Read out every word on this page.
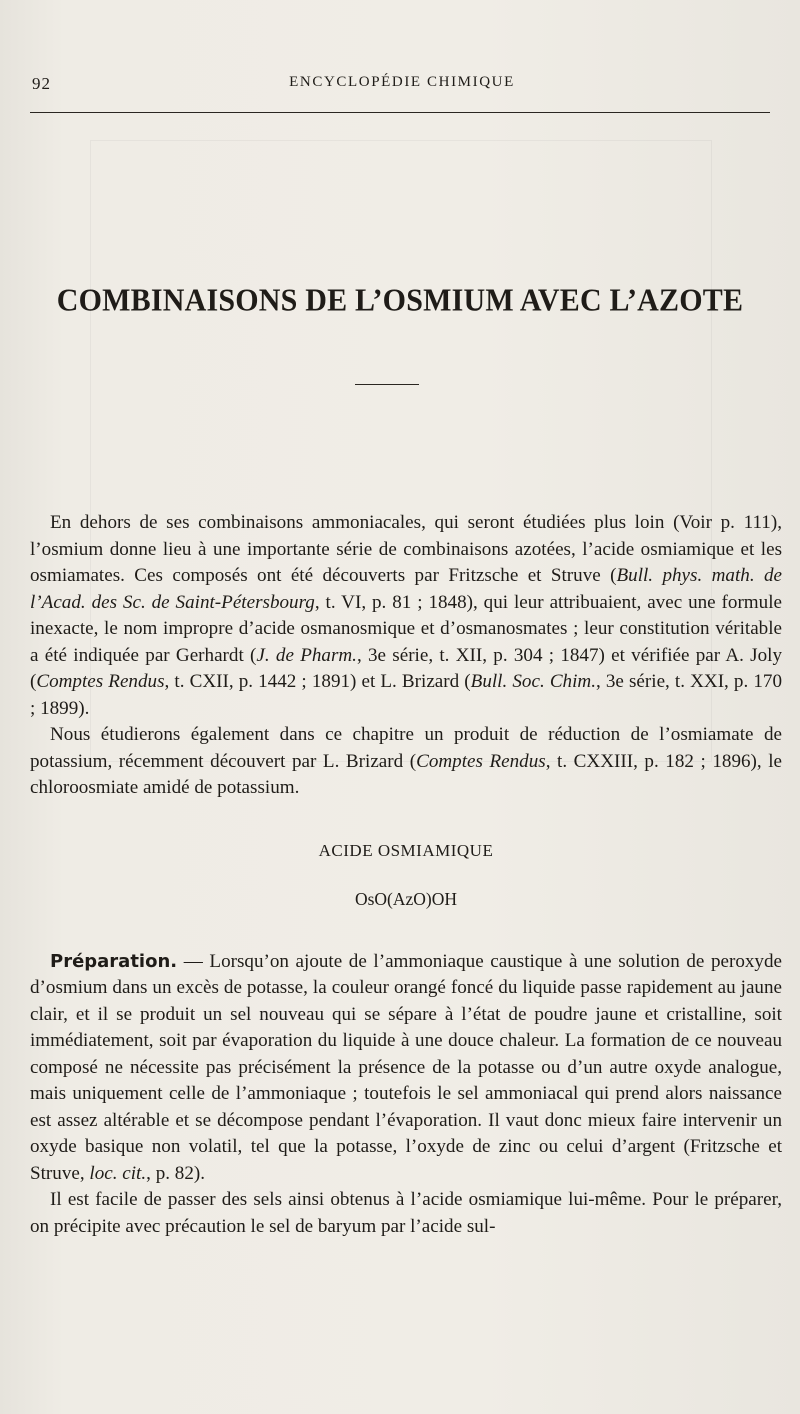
92	ENCYCLOPÉDIE CHIMIQUE
COMBINAISONS DE L’OSMIUM AVEC L’AZOTE

En dehors de ses combinaisons ammoniacales, qui seront étudiées plus loin (Voir p. 111), l’osmium donne lieu à une importante série de combinaisons azotées, l’acide osmiamique et les osmiamates. Ces composés ont été découverts par Fritzsche et Struve (Bull. phys. math. de l’Acad. des Sc. de Saint-Pétersbourg, t. VI, p. 81 ; 1848), qui leur attribuaient, avec une formule inexacte, le nom impropre d’acide osmanosmique et d’osmanosmates ; leur constitution véritable a été indiquée par Gerhardt (J. de Pharm., 3e série, t. XII, p. 304 ; 1847) et vérifiée par A. Joly (Comptes Rendus, t. CXII, p. 1442 ; 1891) et L. Brizard (Bull. Soc. Chim., 3e série, t. XXI, p. 170 ; 1899).

Nous étudierons également dans ce chapitre un produit de réduction de l’osmiamate de potassium, récemment découvert par L. Brizard (Comptes Rendus, t. CXXIII, p. 182 ; 1896), le chloroosmiate amidé de potassium.

ACIDE OSMIAMIQUE

OsO(AzO)OH

Préparation. — Lorsqu’on ajoute de l’ammoniaque caustique à une solution de peroxyde d’osmium dans un excès de potasse, la couleur orangé foncé du liquide passe rapidement au jaune clair, et il se produit un sel nouveau qui se sépare à l’état de poudre jaune et cristalline, soit immédiatement, soit par évaporation du liquide à une douce chaleur. La formation de ce nouveau composé ne nécessite pas précisément la présence de la potasse ou d’un autre oxyde analogue, mais uniquement celle de l’ammoniaque ; toutefois le sel ammoniacal qui prend alors naissance est assez altérable et se décompose pendant l’évaporation. Il vaut donc mieux faire intervenir un oxyde basique non volatil, tel que la potasse, l’oxyde de zinc ou celui d’argent (Fritzsche et Struve, loc. cit., p. 82).

Il est facile de passer des sels ainsi obtenus à l’acide osmiamique lui-même. Pour le préparer, on précipite avec précaution le sel de baryum par l’acide sul-
